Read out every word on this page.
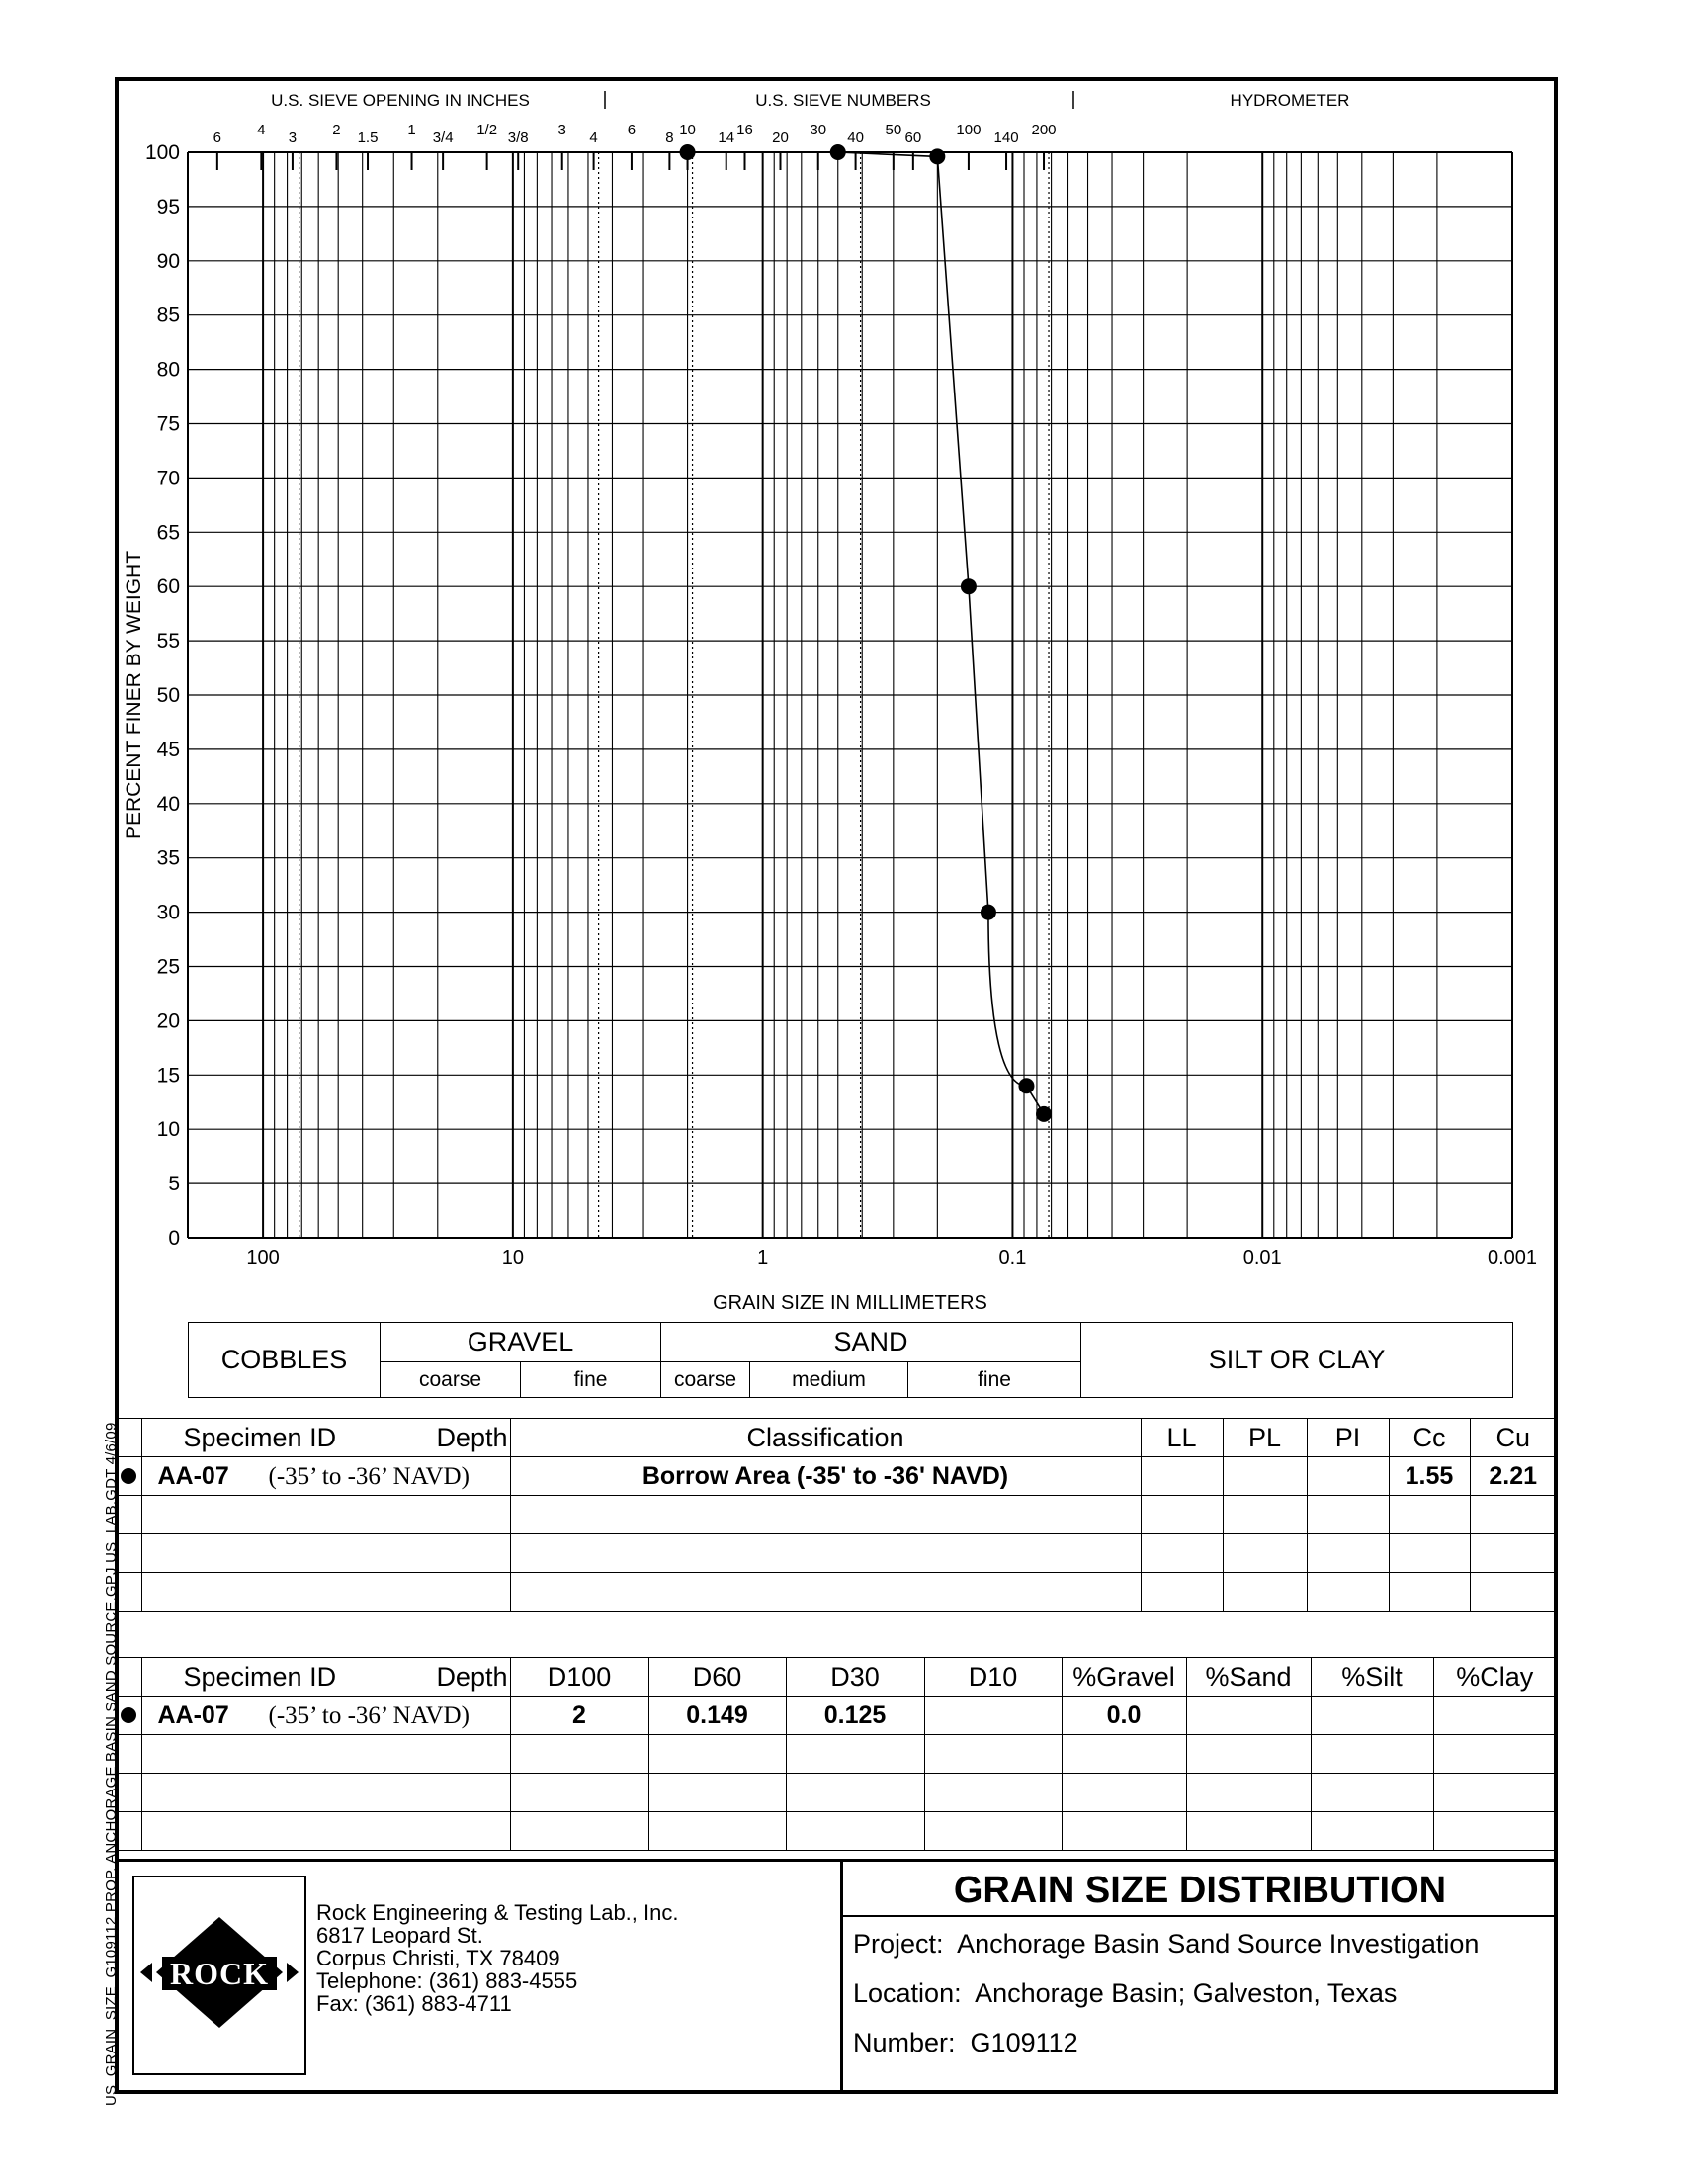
US_GRAIN_SIZE_G109112 PROP. ANCHORAGE BASIN SAND SOURCE.GPJ US_LAB.GDT 4/6/09
0
5
10
15
20
25
30
35
40
45
50
55
60
65
70
75
80
85
90
95
100
100	10	1	0.1	0.01	0.001
GRAIN SIZE IN MILLIMETERS
PERCENT FINER BY WEIGHT
U.S. SIEVE OPENING IN INCHES	U.S. SIEVE NUMBERS	HYDROMETER
6 4 3 2 1.5 1 3/4 1/2 3/8 3 4 6 8 10 14 16 20 30 40 50 60 100 140 200
COBBLES	GRAVEL		SAND			SILT OR CLAY
	coarse	fine	coarse	medium	fine	

	Specimen ID Depth	Classification	LL	PL	PI	Cc	Cu
	AA-07 (-35’ to -36’ NAVD)	Borrow Area (-35' to -36' NAVD)				1.55	2.21

	Specimen ID Depth	D100	D60	D30	D10	%Gravel	%Sand	%Silt	%Clay
	AA-07 (-35’ to -36’ NAVD)	2	0.149	0.125		0.0			

ROCK
Rock Engineering & Testing Lab., Inc.
6817 Leopard St.
Corpus Christi, TX 78409
Telephone: (361) 883-4555
Fax: (361) 883-4711
GRAIN SIZE DISTRIBUTION
Project: Anchorage Basin Sand Source Investigation
Location: Anchorage Basin; Galveston, Texas
Number: G109112
